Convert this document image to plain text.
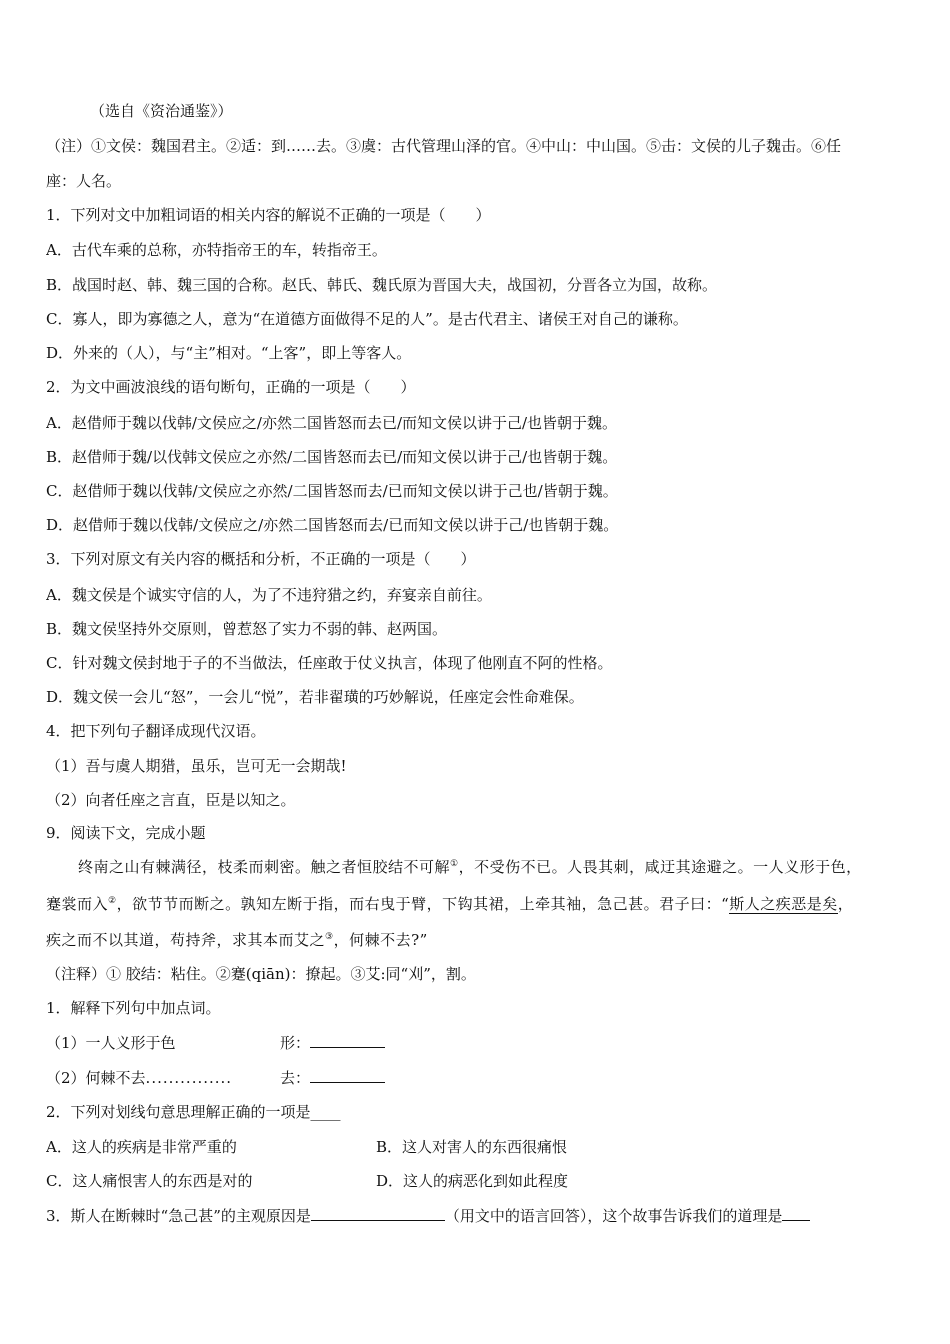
（选自《资治通鉴》）
（注）①文侯：魏国君主。②适：到……去。③虞：古代管理山泽的官。④中山：中山国。⑤击：文侯的儿子魏击。⑥任
座：人名。
1．下列对文中加粗词语的相关内容的解说不正确的一项是（　　）
A．古代车乘的总称，亦特指帝王的车，转指帝王。
B．战国时赵、韩、魏三国的合称。赵氏、韩氏、魏氏原为晋国大夫，战国初，分晋各立为国，故称。
C．寡人，即为寡德之人，意为“在道德方面做得不足的人”。是古代君主、诸侯王对自己的谦称。
D．外来的（人），与“主”相对。“上客”，即上等客人。
2．为文中画波浪线的语句断句，正确的一项是（　　）
A．赵借师于魏以伐韩/文侯应之/亦然二国皆怒而去已/而知文侯以讲于己/也皆朝于魏。
B．赵借师于魏/以伐韩文侯应之亦然/二国皆怒而去已/而知文侯以讲于己/也皆朝于魏。
C．赵借师于魏以伐韩/文侯应之亦然/二国皆怒而去/已而知文侯以讲于己也/皆朝于魏。
D．赵借师于魏以伐韩/文侯应之/亦然二国皆怒而去/已而知文侯以讲于己/也皆朝于魏。
3．下列对原文有关内容的概括和分析，不正确的一项是（　　）
A．魏文侯是个诚实守信的人，为了不违狩猎之约，弃宴亲自前往。
B．魏文侯坚持外交原则，曾惹怒了实力不弱的韩、赵两国。
C．针对魏文侯封地于子的不当做法，任座敢于仗义执言，体现了他刚直不阿的性格。
D．魏文侯一会儿“怒”，一会儿“悦”，若非翟璜的巧妙解说，任座定会性命难保。
4．把下列句子翻译成现代汉语。
（1）吾与虞人期猎，虽乐，岂可无一会期哉!
（2）向者任座之言直，臣是以知之。
9．阅读下文，完成小题
终南之山有棘满径，枝柔而刺密。触之者恒胶结不可解①，不受伤不已。人畏其刺，咸迂其途避之。一人义形于色，
蹇裳而入②，欲节节而断之。孰知左断于指，而右曳于臂，下钩其裙，上牵其袖，急己甚。君子曰：“斯人之疾恶是矣，
疾之而不以其道，苟持斧，求其本而艾之③，何棘不去?”
（注释）① 胶结：粘住。②蹇(qiān)：撩起。③艾:同“刈”，割。
1．解释下列句中加点词。
（1）一人义形于色	形：
（2）何棘不去...............	去：
2．下列对划线句意思理解正确的一项是____
A．这人的疾病是非常严重的	B．这人对害人的东西很痛恨
C．这人痛恨害人的东西是对的	D．这人的病恶化到如此程度
3．斯人在断棘时“急己甚”的主观原因是	（用文中的语言回答），这个故事告诉我们的道理是
